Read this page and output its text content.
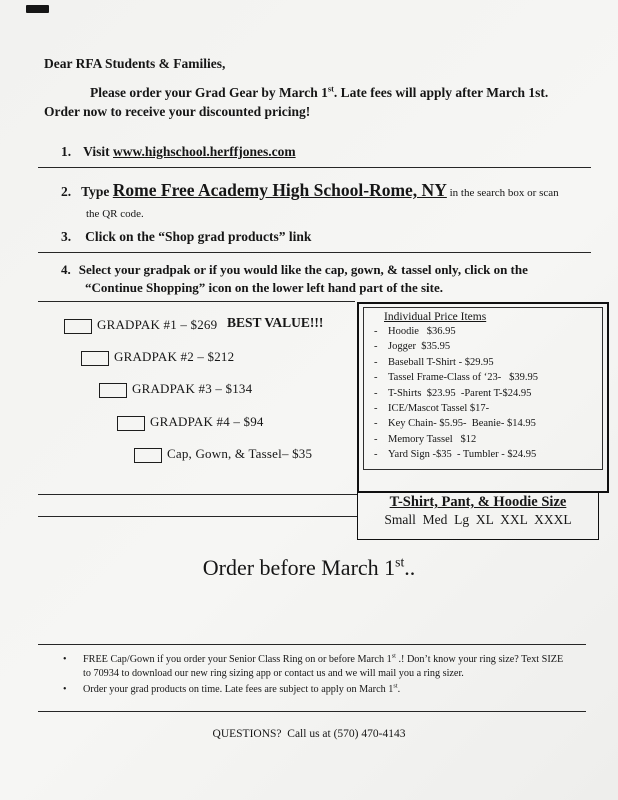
Dear RFA Students & Families,
Please order your Grad Gear by March 1st. Late fees will apply after March 1st.
Order now to receive your discounted pricing!
1. Visit www.highschool.herffjones.com
2. Type Rome Free Academy High School-Rome, NY in the search box or scan
the QR code.
3. Click on the “Shop grad products” link
4. Select your gradpak or if you would like the cap, gown, & tassel only, click on the
“Continue Shopping” icon on the lower left hand part of the site.
GRADPAK #1 – $269 BEST VALUE!!!
GRADPAK #2 – $212
GRADPAK #3 – $134
GRADPAK #4 – $94
Cap, Gown, & Tassel– $35
Individual Price Items
-	Hoodie   $36.95
-	Jogger  $35.95
-	Baseball T-Shirt - $29.95
-	Tassel Frame-Class of ‘23-   $39.95
-	T-Shirts  $23.95  -Parent T-$24.95
-	ICE/Mascot Tassel $17-
-	Key Chain- $5.95-  Beanie- $14.95
-	Memory Tassel   $12
-	Yard Sign -$35  - Tumbler - $24.95
T-Shirt, Pant, & Hoodie Size
Small  Med  Lg  XL  XXL  XXXL
Order before March 1st..
•	FREE Cap/Gown if you order your Senior Class Ring on or before March 1st .! Don’t know your ring size? Text SIZE to 70934 to download our new ring sizing app or contact us and we will mail you a ring sizer.
•	Order your grad products on time. Late fees are subject to apply on March 1st.
QUESTIONS?  Call us at (570) 470-4143
